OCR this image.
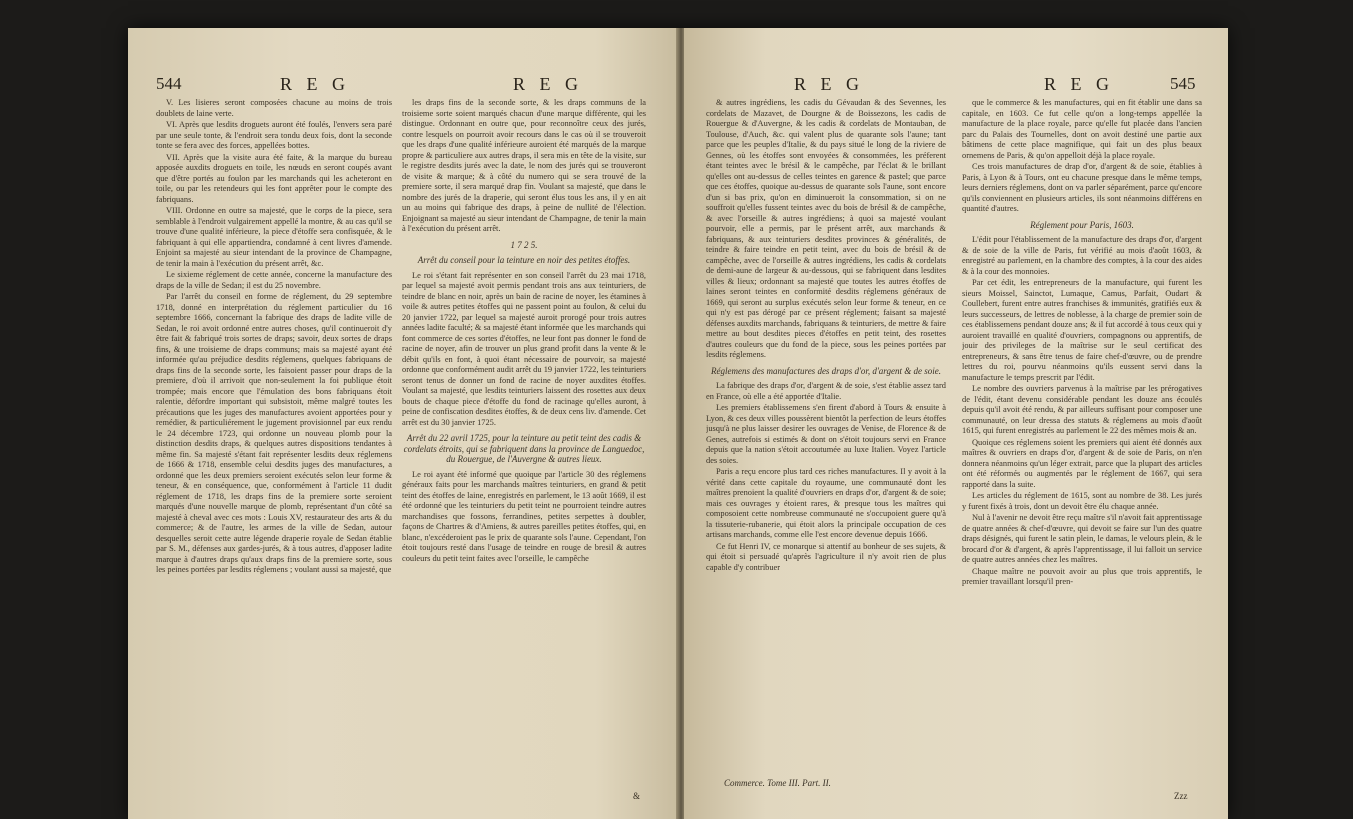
544	R E G	R E G

V. Les lisieres seront composées chacune au moins de trois doublets de laine verte.

VI. Après que lesdits droguets auront été foulés, l'envers sera paré par une seule tonte, & l'endroit sera tondu deux fois, dont la seconde tonte se fera avec des forces, appellées bottes.

VII. Après que la visite aura été faite, & la marque du bureau apposée auxdits droguets en toile, les nœuds en seront coupés avant que d'être portés au foulon par les marchands qui les acheteront en toile, ou par les retendeurs qui les font apprêter pour le compte des fabriquans.

VIII. Ordonne en outre sa majesté, que le corps de la piece, sera semblable à l'endroit vulgairement appellé la montre, & au cas qu'il se trouve d'une qualité inférieure, la piece d'étoffe sera confisquée, & le fabriquant à qui elle appartiendra, condamné à cent livres d'amende. Enjoint sa majesté au sieur intendant de la province de Champagne, de tenir la main à l'exécution du présent arrêt, &c.

Le sixieme réglement de cette année, concerne la manufacture des draps de la ville de Sedan; il est du 25 novembre.

Par l'arrêt du conseil en forme de réglement, du 29 septembre 1718, donné en interprétation du réglement particulier du 16 septembre 1666, concernant la fabrique des draps de ladite ville de Sedan, le roi avoit ordonné entre autres choses, qu'il continueroit d'y être fait & fabriqué trois sortes de draps; savoir, deux sortes de draps fins, & une troisieme de draps communs; mais sa majesté ayant été informée qu'au préjudice desdits réglemens, quelques fabriquans de draps fins de la seconde sorte, les faisoient passer pour draps de la premiere, d'où il arrivoit que non-seulement la foi publique étoit trompée; mais encore que l'émulation des bons fabriquans étoit ralentie, défordre important qui subsistoit, même malgré toutes les précautions que les juges des manufactures avoient apportées pour y remédier, & particuliérement le jugement provisionnel par eux rendu le 24 décembre 1723, qui ordonne un nouveau plomb pour la distinction desdits draps, & quelques autres dispositions tendantes à même fin. Sa majesté s'étant fait représenter lesdits deux réglemens de 1666 & 1718, ensemble celui desdits juges des manufactures, a ordonné que les deux premiers seroient exécutés selon leur forme & teneur, & en conséquence, que, conformément à l'article 11 dudit réglement de 1718, les draps fins de la premiere sorte seroient marqués d'une nouvelle marque de plomb, représentant d'un côté sa majesté à cheval avec ces mots : Louis XV, restaurateur des arts & du commerce; & de l'autre, les armes de la ville de Sedan, autour desquelles seroit cette autre légende draperie royale de Sedan établie par S. M., défenses aux gardes-jurés, & à tous autres, d'apposer ladite marque à d'autres draps qu'aux draps fins de la premiere sorte, sous les peines portées par lesdits réglemens ; voulant aussi sa majesté, que

les draps fins de la seconde sorte, & les draps communs de la troisieme sorte soient marqués chacun d'une marque différente, qui les distingue. Ordonnant en outre que, pour reconnoître ceux des jurés, contre lesquels on pourroit avoir recours dans le cas où il se trouveroit que les draps d'une qualité inférieure auroient été marqués de la marque propre & particuliere aux autres draps, il sera mis en tête de la visite, sur le registre desdits jurés avec la date, le nom des jurés qui se trouveront de visite & marque; & à côté du numero qui se sera trouvé de la premiere sorte, il sera marqué drap fin. Voulant sa majesté, que dans le nombre des jurés de la draperie, qui seront élus tous les ans, il y en ait un au moins qui fabrique des draps, à peine de nullité de l'élection. Enjoignant sa majesté au sieur intendant de Champagne, de tenir la main à l'exécution du présent arrêt.

1 7 2 5.

Arrêt du conseil pour la teinture en noir des petites étoffes.

Le roi s'étant fait représenter en son conseil l'arrêt du 23 mai 1718, par lequel sa majesté avoit permis pendant trois ans aux teinturiers, de teindre de blanc en noir, après un bain de racine de noyer, les étamines à voile & autres petites étoffes qui ne passent point au foulon, & celui du 20 janvier 1722, par lequel sa majesté auroit prorogé pour trois autres années ladite faculté; & sa majesté étant informée que les marchands qui font commerce de ces sortes d'étoffes, ne leur font pas donner le fond de racine de noyer, afin de trouver un plus grand profit dans la vente & le débit qu'ils en font, à quoi étant nécessaire de pourvoir, sa majesté ordonne que conformément audit arrêt du 19 janvier 1722, les teinturiers seront tenus de donner un fond de racine de noyer auxdites étoffes. Voulant sa majesté, que lesdits teinturiers laissent des rosettes aux deux bouts de chaque piece d'étoffe du fond de racinage qu'elles auront, à peine de confiscation desdites étoffes, & de deux cens liv. d'amende. Cet arrêt est du 30 janvier 1725.

Arrêt du 22 avril 1725, pour la teinture au petit teint des cadis & cordelats étroits, qui se fabriquent dans la province de Languedoc, du Rouergue, de l'Auvergne & autres lieux.

Le roi ayant été informé que quoique par l'article 30 des réglemens généraux faits pour les marchands maîtres teinturiers, en grand & petit teint des étoffes de laine, enregistrés en parlement, le 13 août 1669, il est été ordonné que les teinturiers du petit teint ne pourroient teindre autres marchandises que fossons, ferrandines, petites serpettes à doubler, façons de Chartres & d'Amiens, & autres pareilles petites étoffes, qui, en blanc, n'excéderoient pas le prix de quarante sols l'aune. Cependant, l'on étoit toujours resté dans l'usage de teindre en rouge de bresil & autres couleurs du petit teint faites avec l'orseille, le campêche

&
R E G	R E G	545

& autres ingrédiens, les cadis du Gévaudan & des Sevennes, les cordelats de Mazavet, de Dourgne & de Boissezons, les cadis de Rouergue & d'Auvergne, & les cadis & cordelats de Montauban, de Toulouse, d'Auch, &c. qui valent plus de quarante sols l'aune; tant parce que les peuples d'Italie, & du pays situé le long de la riviere de Gennes, où les étoffes sont envoyées & consommées, les préferent étant teintes avec le brésil & le campêche, par l'éclat & le brillant qu'elles ont au-dessus de celles teintes en garence & pastel; que parce que ces étoffes, quoique au-dessus de quarante sols l'aune, sont encore d'un si bas prix, qu'on en diminueroit la consommation, si on ne souffroit qu'elles fussent teintes avec du bois de brésil & de campêche, & avec l'orseille & autres ingrédiens; à quoi sa majesté voulant pourvoir, elle a permis, par le présent arrêt, aux marchands & fabriquans, & aux teinturiers desdites provinces & généralités, de teindre & faire teindre en petit teint, avec du bois de brésil & de campêche, avec de l'orseille & autres ingrédiens, les cadis & cordelats de demi-aune de largeur & au-dessous, qui se fabriquent dans lesdites villes & lieux; ordonnant sa majesté que toutes les autres étoffes de laines seront teintes en conformité desdits réglemens généraux de 1669, qui seront au surplus exécutés selon leur forme & teneur, en ce qui n'y est pas dérogé par ce présent réglement; faisant sa majesté défenses auxdits marchands, fabriquans & teinturiers, de mettre & faire mettre au bout desdites pieces d'étoffes en petit teint, des rosettes d'autres couleurs que du fond de la piece, sous les peines portées par lesdits réglemens.

Réglemens des manufactures des draps d'or, d'argent & de soie.

La fabrique des draps d'or, d'argent & de soie, s'est établie assez tard en France, où elle a été apportée d'Italie.

Les premiers établissemens s'en firent d'abord à Tours & ensuite à Lyon, & ces deux villes poussèrent bientôt la perfection de leurs étoffes jusqu'à ne plus laisser desirer les ouvrages de Venise, de Florence & de Genes, autrefois si estimés & dont on s'étoit toujours servi en France depuis que la nation s'étoit accoutumée au luxe Italien. Voyez l'article des soies.

Paris a reçu encore plus tard ces riches manufactures. Il y avoit à la vérité dans cette capitale du royaume, une communauté dont les maîtres prenoient la qualité d'ouvriers en draps d'or, d'argent & de soie; mais ces ouvrages y étoient rares, & presque tous les maîtres qui composoient cette nombreuse communauté ne s'occupoient guere qu'à la tissuterie-rubanerie, qui étoit alors la principale occupation de ces artisans marchands, comme elle l'est encore devenue depuis 1666.

Ce fut Henri IV, ce monarque si attentif au bonheur de ses sujets, & qui étoit si persuadé qu'après l'agriculture il n'y avoit rien de plus capable d'y contribuer

que le commerce & les manufactures, qui en fit établir une dans sa capitale, en 1603. Ce fut celle qu'on a long-temps appellée la manufacture de la place royale, parce qu'elle fut placée dans l'ancien parc du Palais des Tournelles, dont on avoit destiné une partie aux bâtimens de cette place magnifique, qui fait un des plus beaux ornemens de Paris, & qu'on appelloit déjà la place royale.

Ces trois manufactures de drap d'or, d'argent & de soie, établies à Paris, à Lyon & à Tours, ont eu chacune presque dans le même temps, leurs derniers réglemens, dont on va parler séparément, parce qu'encore qu'ils conviennent en plusieurs articles, ils sont néanmoins différens en quantité d'autres.

Réglement pour Paris, 1603.

L'édit pour l'établissement de la manufacture des draps d'or, d'argent & de soie de la ville de Paris, fut vérifié au mois d'août 1603, & enregistré au parlement, en la chambre des comptes, à la cour des aides & à la cour des monnoies.

Par cet édit, les entrepreneurs de la manufacture, qui furent les sieurs Moissel, Sainctot, Lumaque, Camus, Parfait, Oudart & Coullebert, furent entre autres franchises & immunités, gratifiés eux & leurs successeurs, de lettres de noblesse, à la charge de premier soin de ces établissemens pendant douze ans; & il fut accordé à tous ceux qui y auroient travaillé en qualité d'ouvriers, compagnons ou apprentifs, de jouir des privileges de la maîtrise sur le seul certificat des entrepreneurs, & sans être tenus de faire chef-d'œuvre, ou de prendre lettres du roi, pourvu néanmoins qu'ils eussent servi dans la manufacture le temps prescrit par l'édit.

Le nombre des ouvriers parvenus à la maîtrise par les prérogatives de l'édit, étant devenu considérable pendant les douze ans écoulés depuis qu'il avoit été rendu, & par ailleurs suffisant pour composer une communauté, on leur dressa des statuts & réglemens au mois d'août 1615, qui furent enregistrés au parlement le 22 des mêmes mois & an.

Quoique ces réglemens soient les premiers qui aient été donnés aux maîtres & ouvriers en draps d'or, d'argent & de soie de Paris, on n'en donnera néanmoins qu'un léger extrait, parce que la plupart des articles ont été réformés ou augmentés par le réglement de 1667, qui sera rapporté dans la suite.

Les articles du réglement de 1615, sont au nombre de 38. Les jurés y furent fixés à trois, dont un devoit être élu chaque année.

Nul à l'avenir ne devoit être reçu maître s'il n'avoit fait apprentissage de quatre années & chef-d'œuvre, qui devoit se faire sur l'un des quatre draps désignés, qui furent le satin plein, le damas, le velours plein, & le brocard d'or & d'argent, & après l'apprentissage, il lui falloit un service de quatre autres années chez les maîtres.

Chaque maître ne pouvoit avoir au plus que trois apprentifs, le premier travaillant lorsqu'il pren-

Commerce. Tome III. Part. II.
Zzz
